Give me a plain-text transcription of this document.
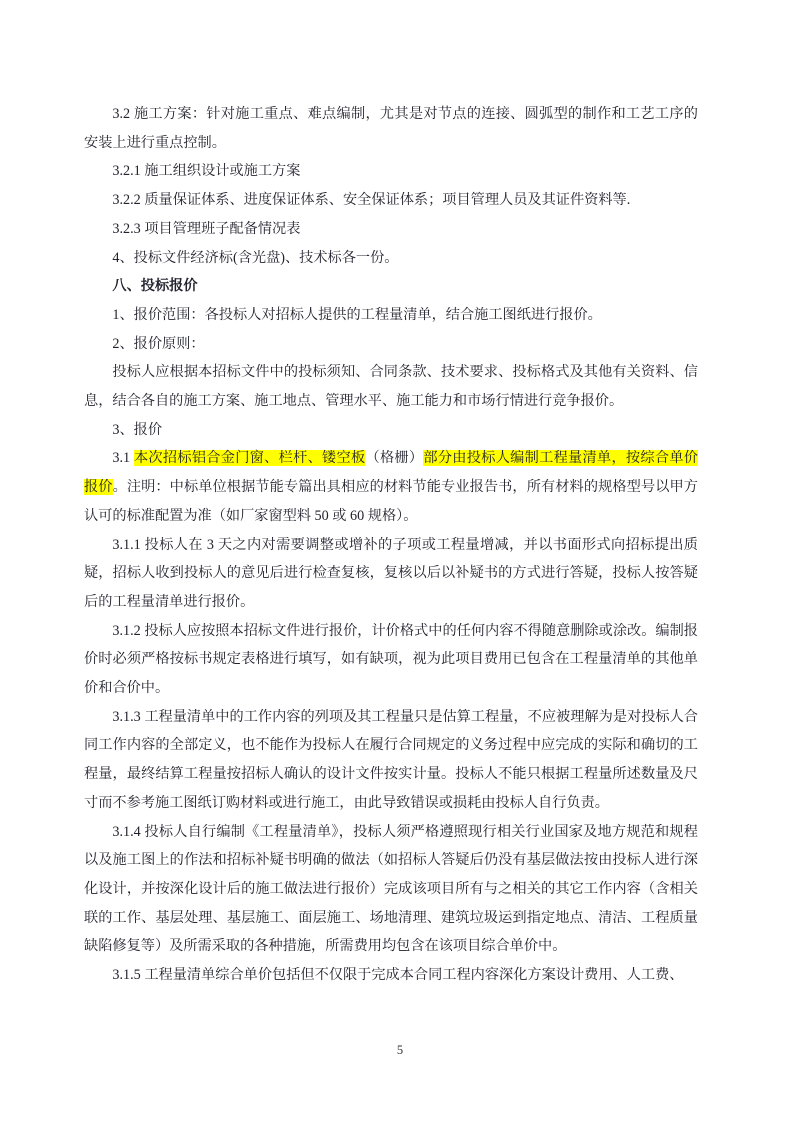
3.2 施工方案：针对施工重点、难点编制，尤其是对节点的连接、圆弧型的制作和工艺工序的安装上进行重点控制。

3.2.1 施工组织设计或施工方案

3.2.2 质量保证体系、进度保证体系、安全保证体系；项目管理人员及其证件资料等.

3.2.3 项目管理班子配备情况表

4、投标文件经济标(含光盘)、技术标各一份。

八、投标报价

1、报价范围：各投标人对招标人提供的工程量清单，结合施工图纸进行报价。

2、报价原则：

投标人应根据本招标文件中的投标须知、合同条款、技术要求、投标格式及其他有关资料、信息，结合各自的施工方案、施工地点、管理水平、施工能力和市场行情进行竞争报价。

3、报价

3.1 本次招标铝合金门窗、栏杆、镂空板（格栅）部分由投标人编制工程量清单，按综合单价报价。注明：中标单位根据节能专篇出具相应的材料节能专业报告书，所有材料的规格型号以甲方认可的标准配置为准（如厂家窗型料 50 或 60 规格）。

3.1.1 投标人在 3 天之内对需要调整或增补的子项或工程量增减，并以书面形式向招标提出质疑，招标人收到投标人的意见后进行检查复核，复核以后以补疑书的方式进行答疑，投标人按答疑后的工程量清单进行报价。

3.1.2 投标人应按照本招标文件进行报价，计价格式中的任何内容不得随意删除或涂改。编制报价时必须严格按标书规定表格进行填写，如有缺项，视为此项目费用已包含在工程量清单的其他单价和合价中。

3.1.3 工程量清单中的工作内容的列项及其工程量只是估算工程量，不应被理解为是对投标人合同工作内容的全部定义，也不能作为投标人在履行合同规定的义务过程中应完成的实际和确切的工程量，最终结算工程量按招标人确认的设计文件按实计量。投标人不能只根据工程量所述数量及尺寸而不参考施工图纸订购材料或进行施工，由此导致错误或损耗由投标人自行负责。

3.1.4 投标人自行编制《工程量清单》，投标人须严格遵照现行相关行业国家及地方规范和规程以及施工图上的作法和招标补疑书明确的做法（如招标人答疑后仍没有基层做法按由投标人进行深化设计，并按深化设计后的施工做法进行报价）完成该项目所有与之相关的其它工作内容（含相关联的工作、基层处理、基层施工、面层施工、场地清理、建筑垃圾运到指定地点、清洁、工程质量缺陷修复等）及所需采取的各种措施，所需费用均包含在该项目综合单价中。

3.1.5 工程量清单综合单价包括但不仅限于完成本合同工程内容深化方案设计费用、人工费、

5
